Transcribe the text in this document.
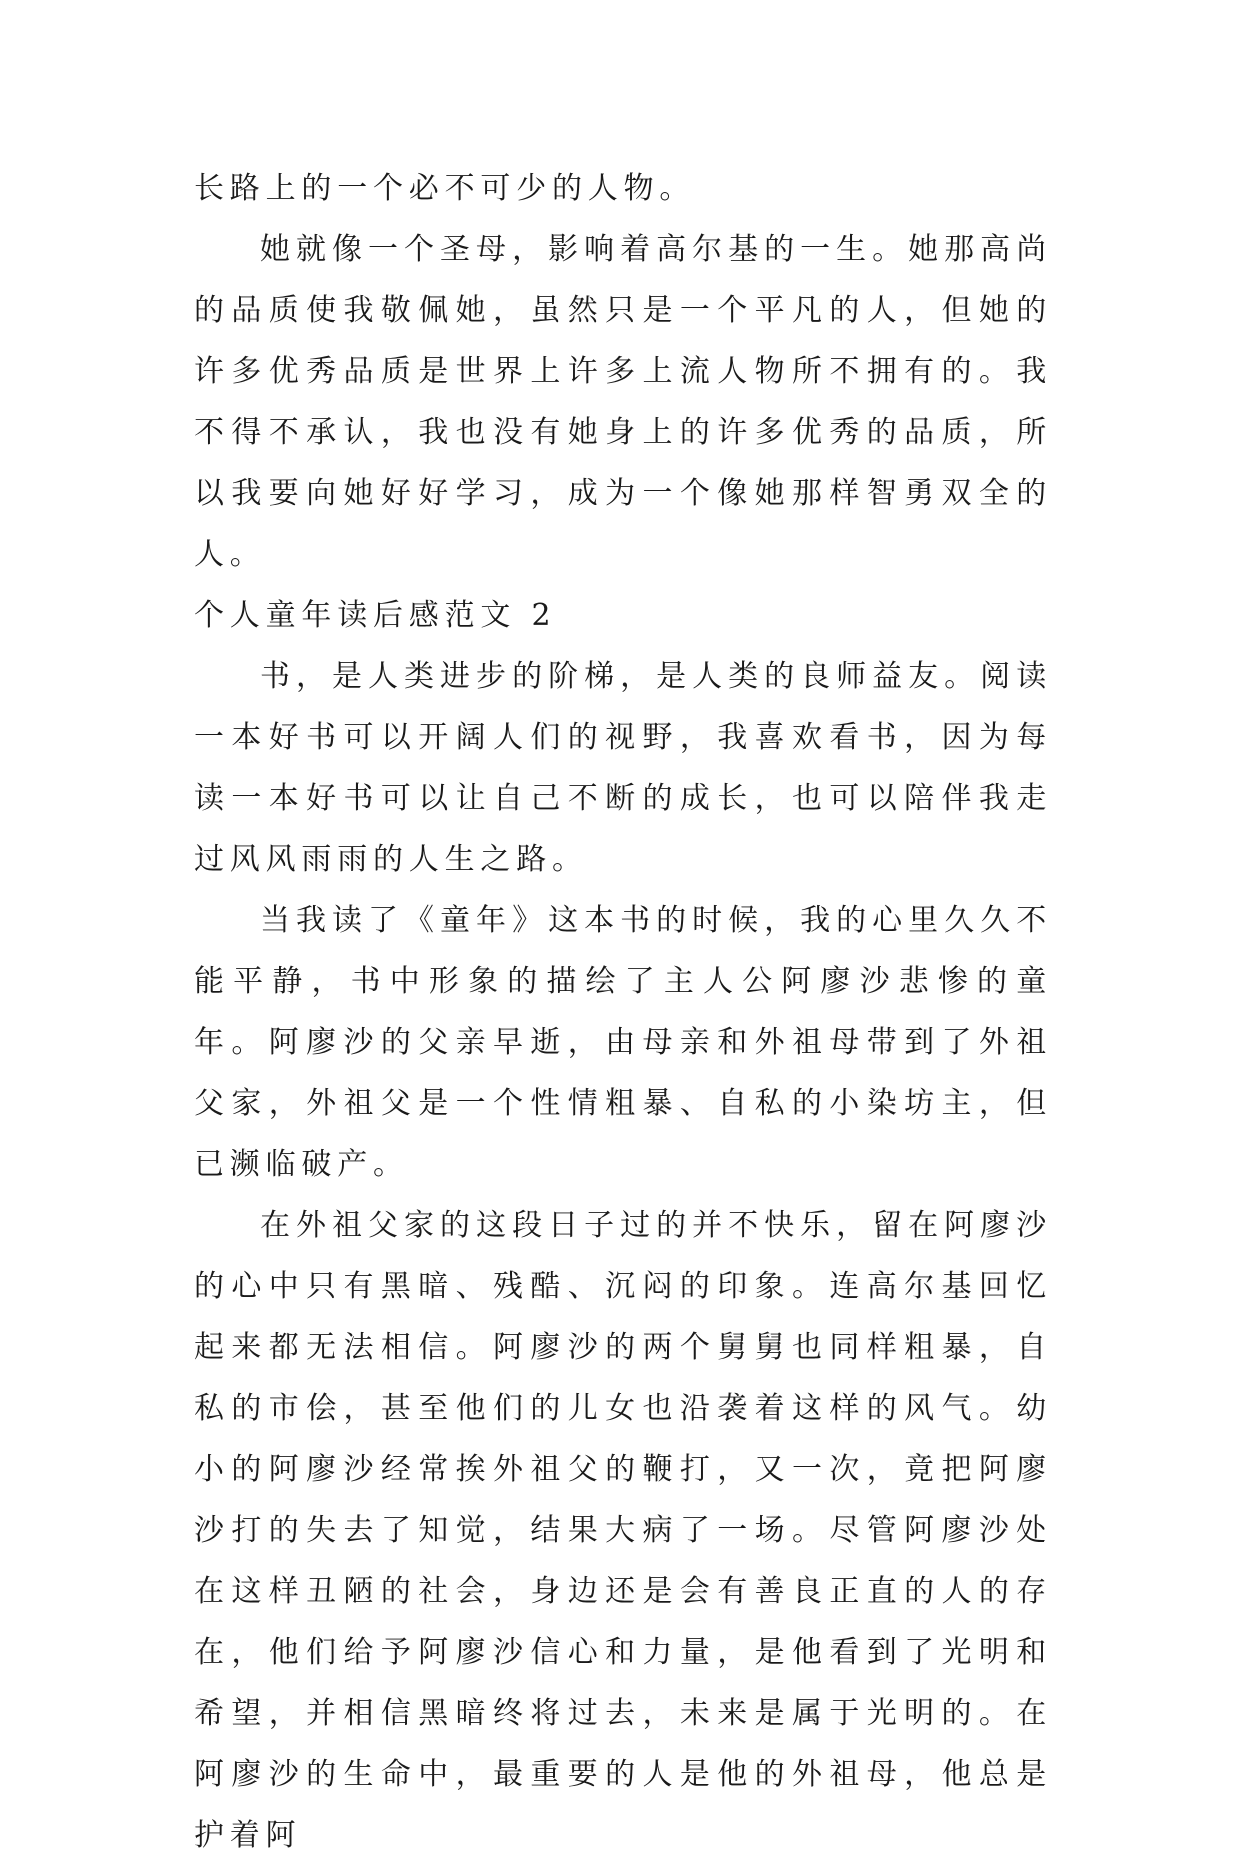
长路上的一个必不可少的人物。

她就像一个圣母，影响着高尔基的一生。她那高尚的品质使我敬佩她，虽然只是一个平凡的人，但她的许多优秀品质是世界上许多上流人物所不拥有的。我不得不承认，我也没有她身上的许多优秀的品质，所以我要向她好好学习，成为一个像她那样智勇双全的人。

个人童年读后感范文 2

书，是人类进步的阶梯，是人类的良师益友。阅读一本好书可以开阔人们的视野，我喜欢看书，因为每读一本好书可以让自己不断的成长，也可以陪伴我走过风风雨雨的人生之路。

当我读了《童年》这本书的时候，我的心里久久不能平静，书中形象的描绘了主人公阿廖沙悲惨的童年。阿廖沙的父亲早逝，由母亲和外祖母带到了外祖父家，外祖父是一个性情粗暴、自私的小染坊主，但已濒临破产。

在外祖父家的这段日子过的并不快乐，留在阿廖沙的心中只有黑暗、残酷、沉闷的印象。连高尔基回忆起来都无法相信。阿廖沙的两个舅舅也同样粗暴，自私的市侩，甚至他们的儿女也沿袭着这样的风气。幼小的阿廖沙经常挨外祖父的鞭打，又一次，竟把阿廖沙打的失去了知觉，结果大病了一场。尽管阿廖沙处在这样丑陋的社会，身边还是会有善良正直的人的存在，他们给予阿廖沙信心和力量，是他看到了光明和希望，并相信黑暗终将过去，未来是属于光明的。在阿廖沙的生命中，最重要的人是他的外祖母，他总是护着阿
